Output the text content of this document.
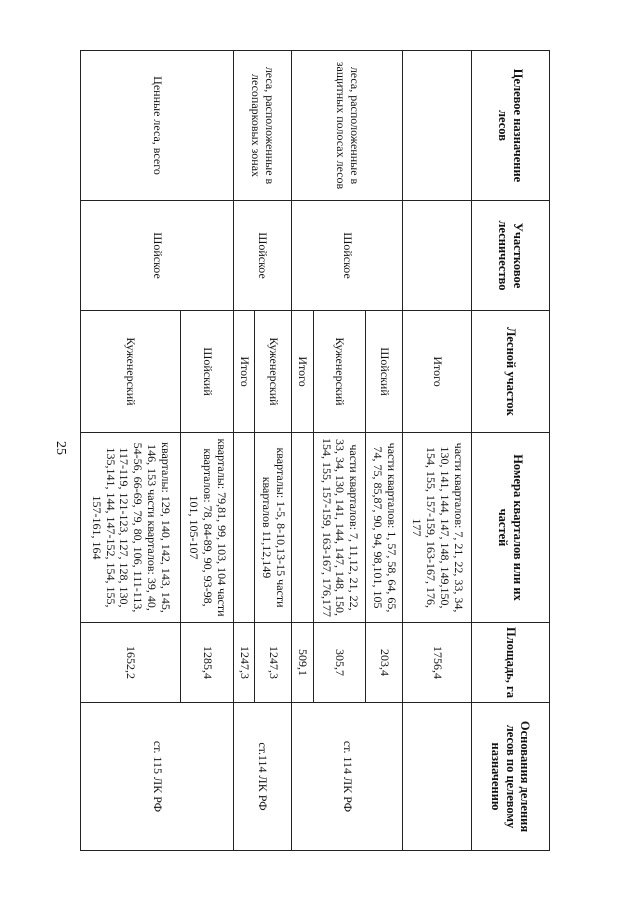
25
Целевое назначение лесов	Участковое лесничество	Лесной участок	Номера кварталов или их частей	Площадь, га	Основания деления лесов по целевому назначению
		Итого	части кварталов: 7, 21, 22, 33, 34, 130, 141, 144, 147, 148, 149,150, 154, 155, 157-159, 163-167, 176, 177	1756,4	
леса, расположенные в защитных полосах лесов	Шойское	Шойский	части кварталов: 1, 57, 58, 64, 65, 74, 75, 85,87, 90, 94, 98,101, 105	203,4	ст. 114 ЛК РФ
		Куженерский	части кварталов: 7, 11,12, 21, 22, 33, 34, 130, 141, 144, 147, 148, 150, 154, 155, 157-159, 163-167, 176,177	305,7	
		Итого		509,1	
леса, расположенные в лесопарковых зонах	Шойское	Куженерский	кварталы: 1-5, 8-10,13-15 части кварталов 11,12,149	1247,3	ст.114 ЛК РФ
		Итого		1247,3	
Ценные леса, всего	Шойское	Шойский	кварталы: 79,81, 99, 103, 104 части кварталов: 78, 84-89, 90, 93-98, 101, 105-107	1285,4	ст. 115 ЛК РФ
		Куженерский	кварталы: 129, 140, 142, 143, 145, 146, 153 части кварталов: 39, 40, 54-56, 66-69, 79, 80, 106, 111-113, 117-119, 121-123, 127, 128, 130, 135,141, 144, 147-152, 154, 155, 157-161, 164	1652,2	
